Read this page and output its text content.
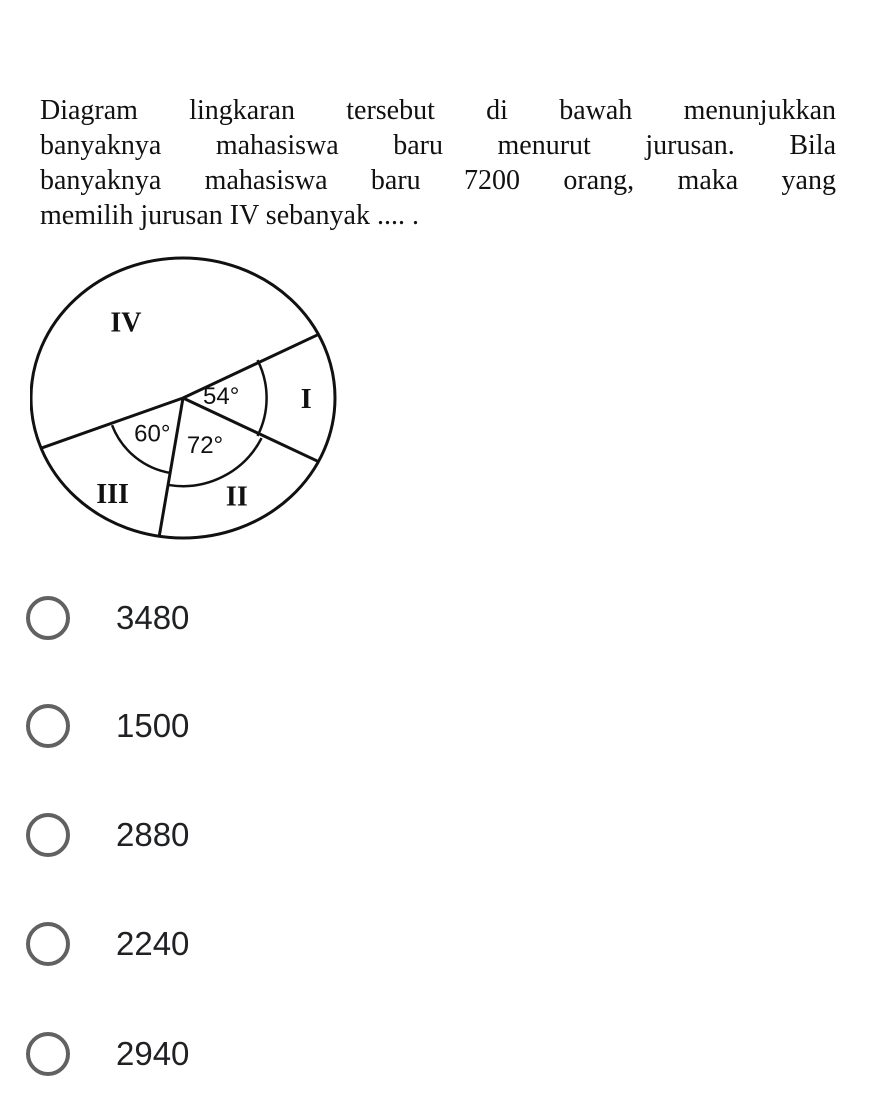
Diagram lingkaran tersebut di bawah menunjukkan
banyaknya mahasiswa baru menurut jurusan. Bila
banyaknya mahasiswa baru 7200 orang, maka yang
memilih jurusan IV sebanyak .... .
54° I
72°
II
60°
III
IV
3480
1500
2880
2240
2940
